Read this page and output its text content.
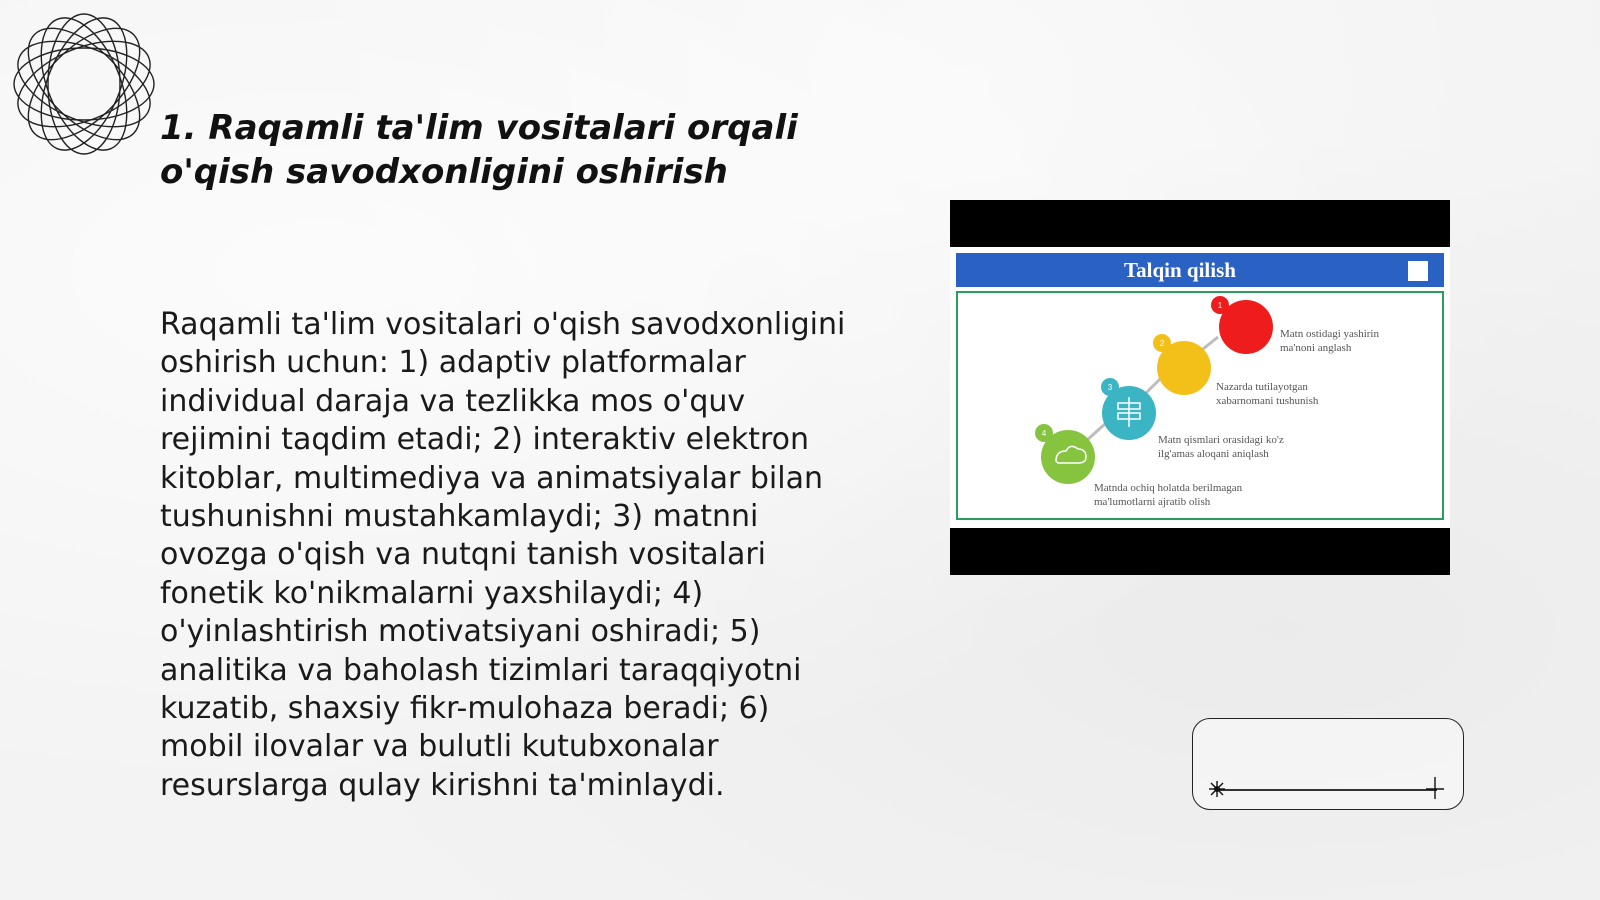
1. Raqamli ta'lim vositalari orqali
o'qish savodxonligini oshirish

Raqamli ta'lim vositalari o'qish savodxonligini oshirish uchun: 1) adaptiv platformalar individual daraja va tezlikka mos o'quv rejimini taqdim etadi; 2) interaktiv elektron kitoblar, multimediya va animatsiyalar bilan tushunishni mustahkamlaydi; 3) matnni ovozga o'qish va nutqni tanish vositalari fonetik ko'nikmalarni yaxshilaydi; 4) o'yinlashtirish motivatsiyani oshiradi; 5) analitika va baholash tizimlari taraqqiyotni kuzatib, shaxsiy fikr-mulohaza beradi; 6) mobil ilovalar va bulutli kutubxonalar resurslarga qulay kirishni ta'minlaydi.

Talqin qilish
4
3
2
1
Matn ostidagi yashirin
ma'noni anglash
Nazarda tutilayotgan
xabarnomani tushunish
Matn qismlari orasidagi ko'z
ilg'amas aloqani aniqlash
Matnda ochiq holatda berilmagan
ma'lumotlarni ajratib olish
